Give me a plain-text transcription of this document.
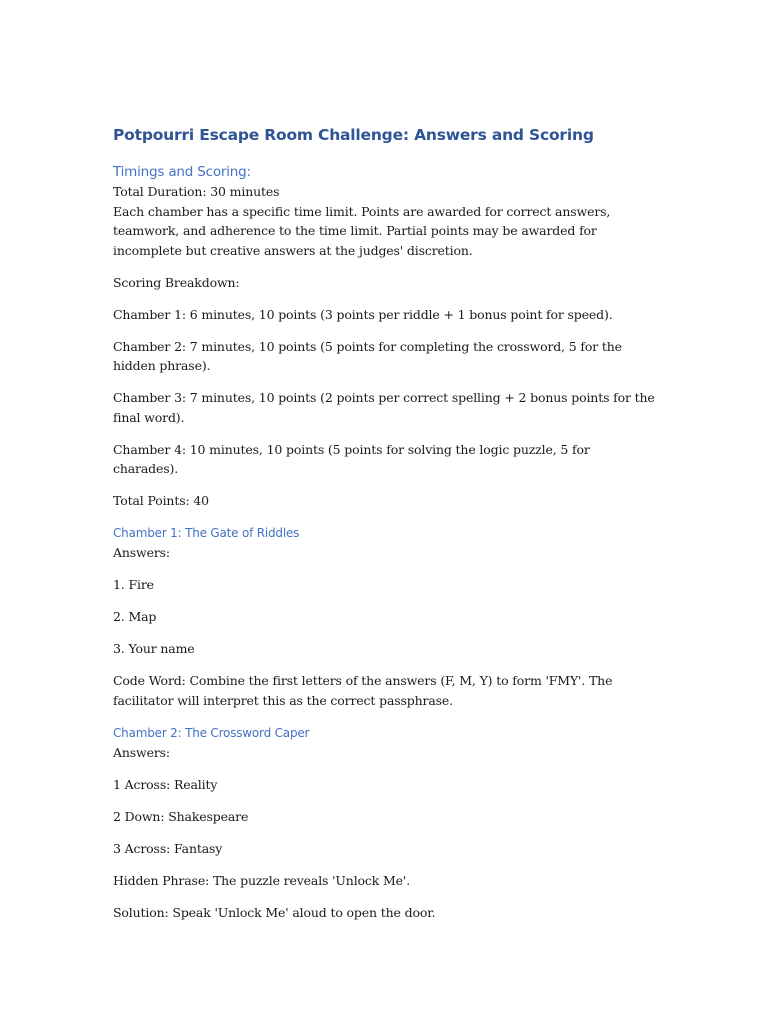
Potpourri Escape Room Challenge: Answers and Scoring
Timings and Scoring:

Total Duration: 30 minutes

Each chamber has a specific time limit. Points are awarded for correct answers, teamwork, and adherence to the time limit. Partial points may be awarded for incomplete but creative answers at the judges' discretion.

Scoring Breakdown:

Chamber 1: 6 minutes, 10 points (3 points per riddle + 1 bonus point for speed).

Chamber 2: 7 minutes, 10 points (5 points for completing the crossword, 5 for the hidden phrase).

Chamber 3: 7 minutes, 10 points (2 points per correct spelling + 2 bonus points for the final word).

Chamber 4: 10 minutes, 10 points (5 points for solving the logic puzzle, 5 for charades).

Total Points: 40

Chamber 1: The Gate of Riddles

Answers:

1. Fire

2. Map

3. Your name

Code Word: Combine the first letters of the answers (F, M, Y) to form 'FMY'. The facilitator will interpret this as the correct passphrase.

Chamber 2: The Crossword Caper

Answers:

1 Across: Reality

2 Down: Shakespeare

3 Across: Fantasy

Hidden Phrase: The puzzle reveals 'Unlock Me'.

Solution: Speak 'Unlock Me' aloud to open the door.
